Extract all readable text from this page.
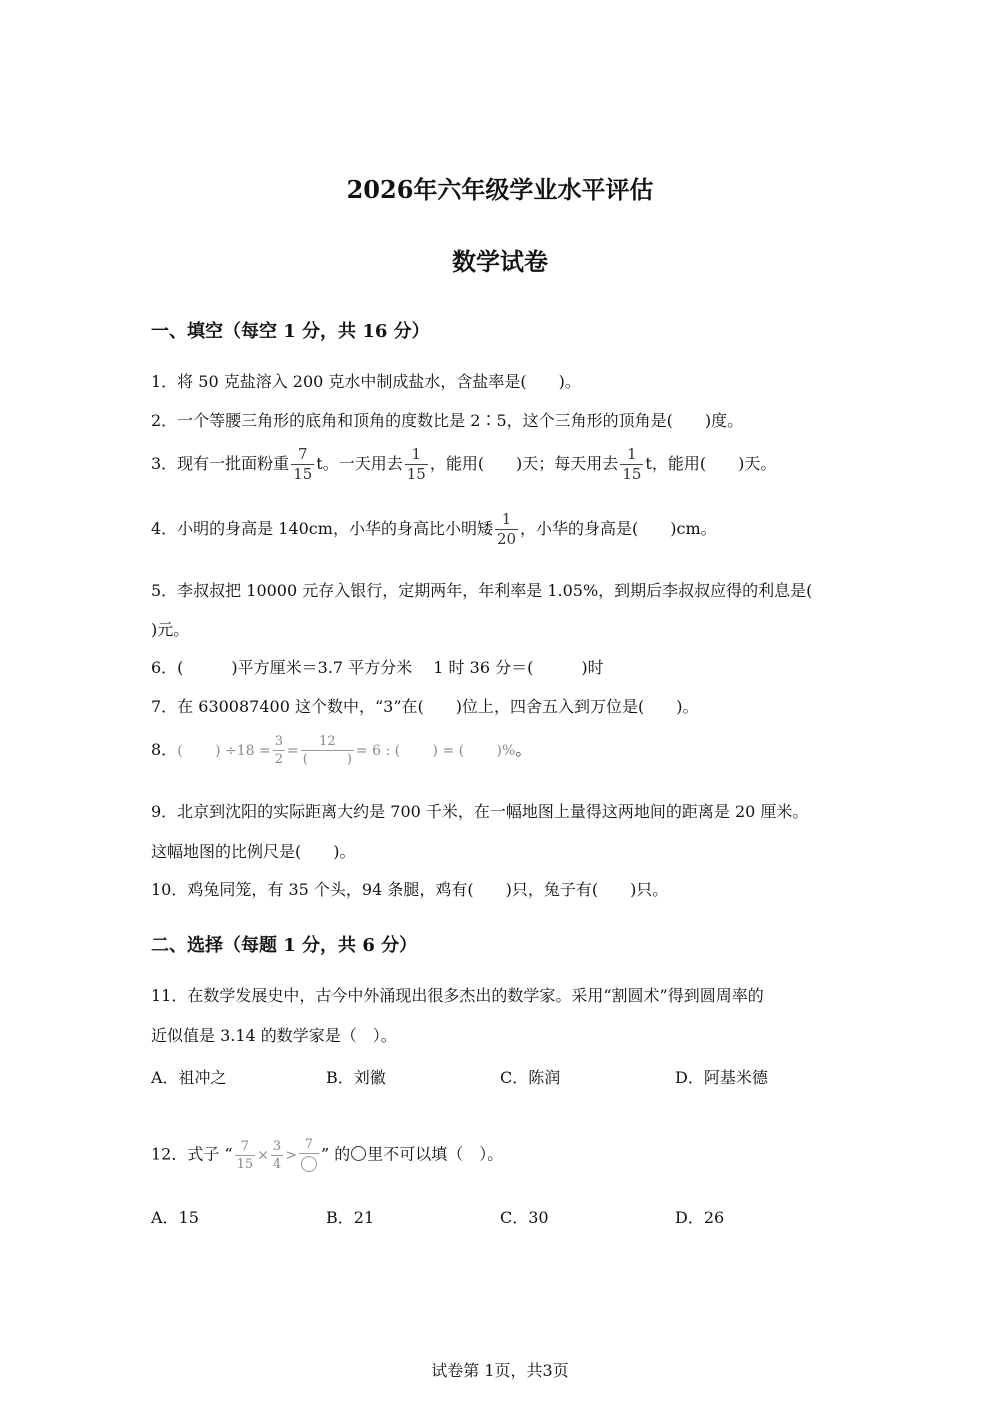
2026年六年级学业水平评估
数学试卷
一、填空（每空 1 分，共 16 分）
1．将 50 克盐溶入 200 克水中制成盐水，含盐率是(　　)。
2．一个等腰三角形的底角和顶角的度数比是 2∶5，这个三角形的顶角是(　　)度。
3．现有一批面粉重 $\frac{7}{15}$ t。一天用去 $\frac{1}{15}$ ，能用(　　)天；每天用去 $\frac{1}{15}$ t，能用(　　)天。
4．小明的身高是 140cm，小华的身高比小明矮 $\frac{1}{20}$ ，小华的身高是(　　)cm。
5．李叔叔把 10000 元存入银行，定期两年，年利率是 1.05%，到期后李叔叔应得的利息是(
)元。
6．(　　　)平方厘米＝3.7 平方分米　 1 时 36 分＝(　　　)时
7．在 630087400 这个数中，“3”在(　　)位上，四舍五入到万位是(　　)。
8．(　　 ) $\div 18 = \frac{3}{2} = \frac{12}{( )} = 6$ : (　　 ) = (　　 )%。
9．北京到沈阳的实际距离大约是 700 千米，在一幅地图上量得这两地间的距离是 20 厘米。
这幅地图的比例尺是(　　)。
10．鸡兔同笼，有 35 个头，94 条腿，鸡有(　　)只，兔子有(　　)只。
二、选择（每题 1 分，共 6 分）
11．在数学发展史中，古今中外涌现出很多杰出的数学家。采用“割圆术”得到圆周率的
近似值是 3.14 的数学家是（　）。
A．祖冲之	B．刘徽	C．陈润	D．阿基米德
12．式子 “ $\frac{7}{15} \times \frac{3}{4}$ >
7 ” 的 里不可以填（　）。
A．15	B．21	C．30	D．26
试卷第 1页，共3页
